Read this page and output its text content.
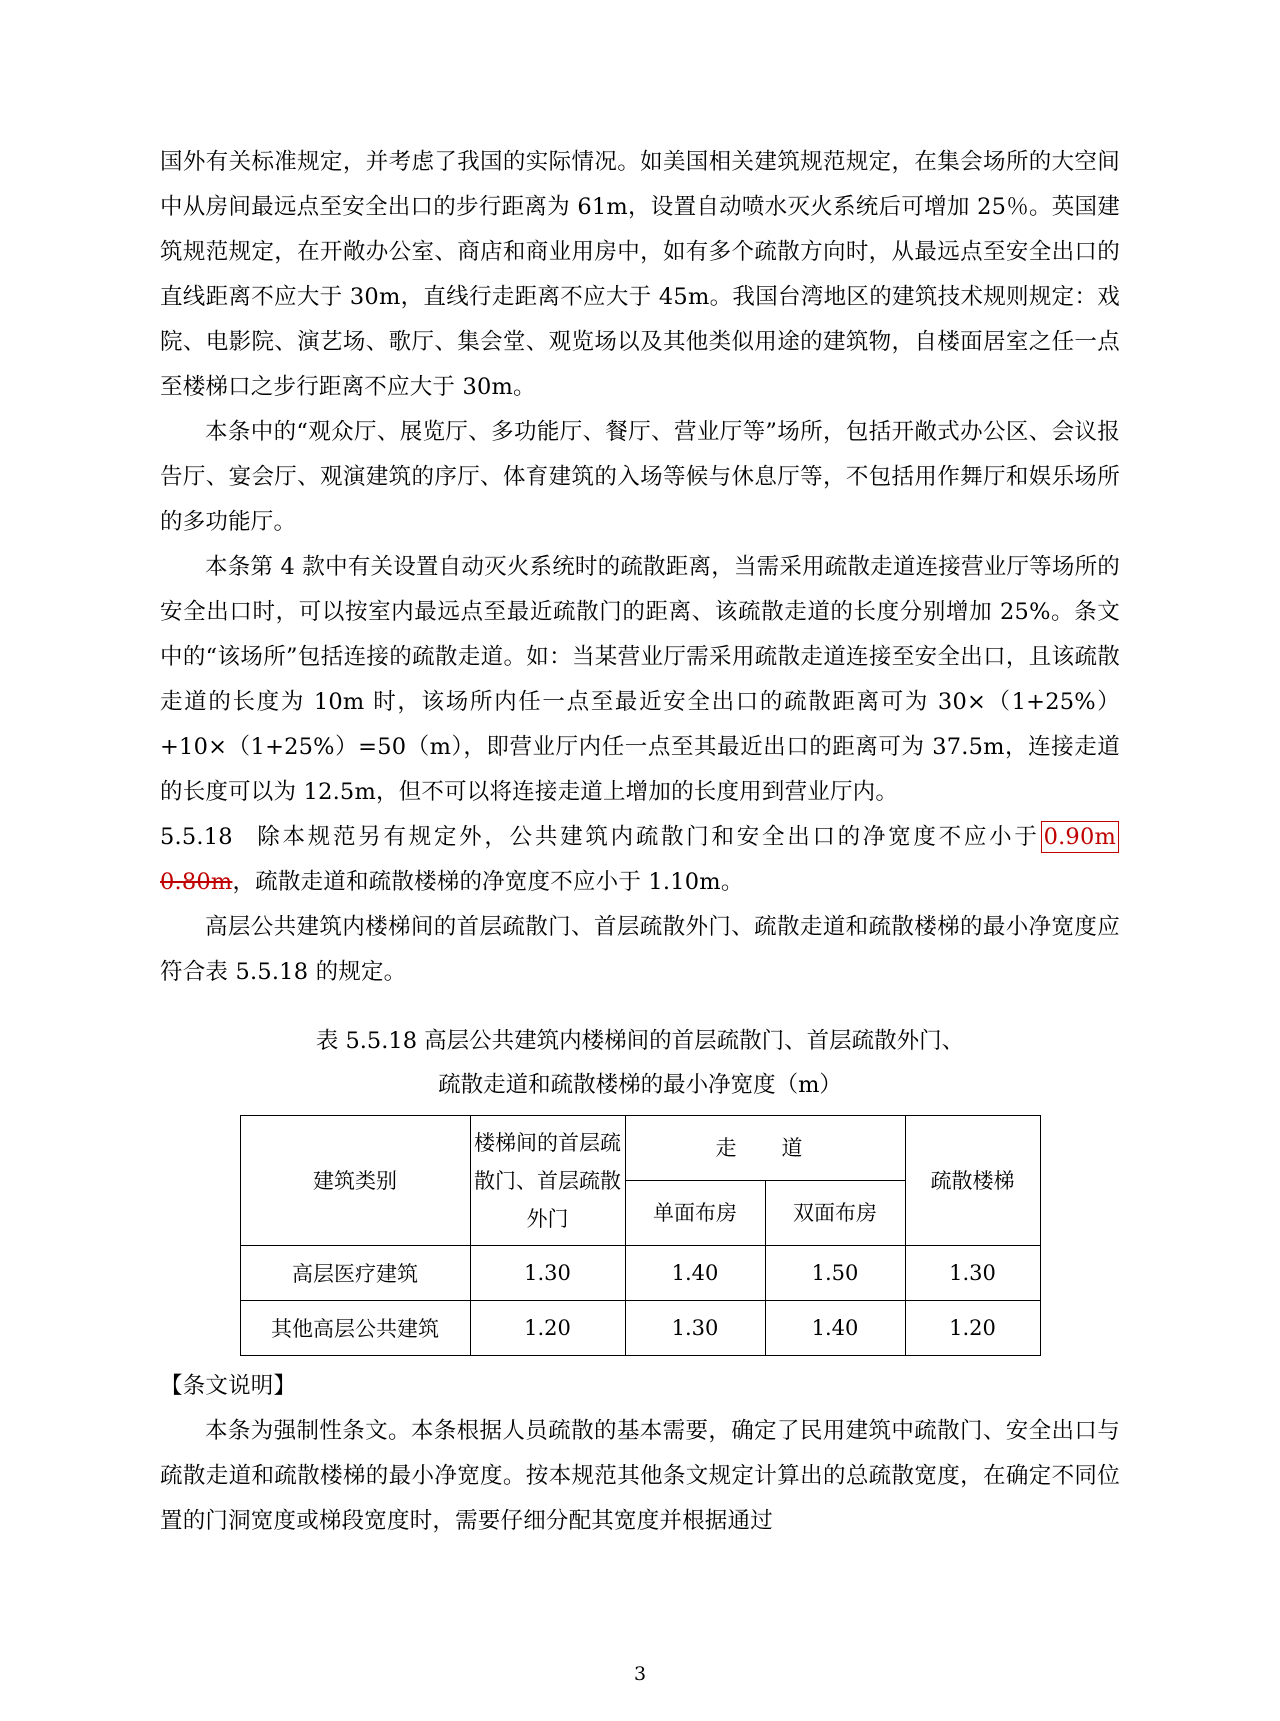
国外有关标准规定，并考虑了我国的实际情况。如美国相关建筑规范规定，在集会场所的大空间中从房间最远点至安全出口的步行距离为 61m，设置自动喷水灭火系统后可增加 25％。英国建筑规范规定，在开敞办公室、商店和商业用房中，如有多个疏散方向时，从最远点至安全出口的直线距离不应大于 30m，直线行走距离不应大于 45m。我国台湾地区的建筑技术规则规定：戏院、电影院、演艺场、歌厅、集会堂、观览场以及其他类似用途的建筑物，自楼面居室之任一点至楼梯口之步行距离不应大于 30m。

本条中的“观众厅、展览厅、多功能厅、餐厅、营业厅等”场所，包括开敞式办公区、会议报告厅、宴会厅、观演建筑的序厅、体育建筑的入场等候与休息厅等，不包括用作舞厅和娱乐场所的多功能厅。

本条第 4 款中有关设置自动灭火系统时的疏散距离，当需采用疏散走道连接营业厅等场所的安全出口时，可以按室内最远点至最近疏散门的距离、该疏散走道的长度分别增加 25%。条文中的“该场所”包括连接的疏散走道。如：当某营业厅需采用疏散走道连接至安全出口，且该疏散走道的长度为 10m 时，该场所内任一点至最近安全出口的疏散距离可为 30×（1+25%）+10×（1+25%）=50（m），即营业厅内任一点至其最近出口的距离可为 37.5m，连接走道的长度可以为 12.5m，但不可以将连接走道上增加的长度用到营业厅内。

5.5.18 除本规范另有规定外，公共建筑内疏散门和安全出口的净宽度不应小于 0.90m0.80m，疏散走道和疏散楼梯的净宽度不应小于 1.10m。

高层公共建筑内楼梯间的首层疏散门、首层疏散外门、疏散走道和疏散楼梯的最小净宽度应符合表 5.5.18 的规定。

表 5.5.18 高层公共建筑内楼梯间的首层疏散门、首层疏散外门、
疏散走道和疏散楼梯的最小净宽度（m）
建筑类别	楼梯间的首层疏散门、首层疏散外门	走　道		疏散楼梯
		单面布房	双面布房	
高层医疗建筑	1.30	1.40	1.50	1.30
其他高层公共建筑	1.20	1.30	1.40	1.20

【条文说明】

本条为强制性条文。本条根据人员疏散的基本需要，确定了民用建筑中疏散门、安全出口与疏散走道和疏散楼梯的最小净宽度。按本规范其他条文规定计算出的总疏散宽度，在确定不同位置的门洞宽度或梯段宽度时，需要仔细分配其宽度并根据通过

3
